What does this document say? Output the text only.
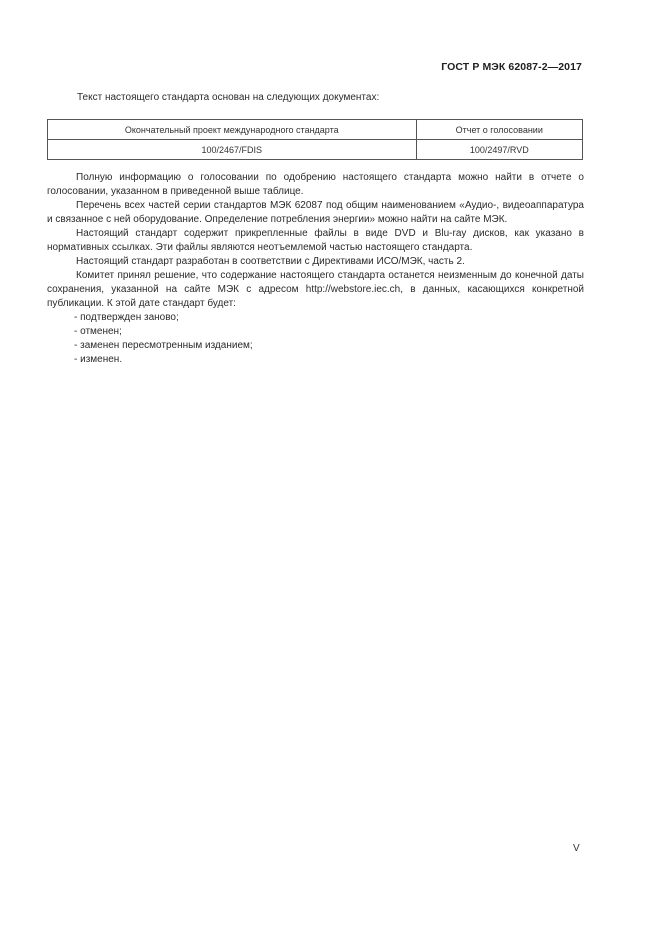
ГОСТ Р МЭК 62087-2—2017
Текст настоящего стандарта основан на следующих документах:
Окончательный проект международного стандарта	Отчет о голосовании
100/2467/FDIS	100/2497/RVD

Полную информацию о голосовании по одобрению настоящего стандарта можно найти в отчете о голосовании, указанном в приведенной выше таблице.

Перечень всех частей серии стандартов МЭК 62087 под общим наименованием «Аудио-, видеоаппаратура и связанное с ней оборудование. Определение потребления энергии» можно найти на сайте МЭК.

Настоящий стандарт содержит прикрепленные файлы в виде DVD и Blu-ray дисков, как указано в нормативных ссылках. Эти файлы являются неотъемлемой частью настоящего стандарта.

Настоящий стандарт разработан в соответствии с Директивами ИСО/МЭК, часть 2.

Комитет принял решение, что содержание настоящего стандарта останется неизменным до конечной даты сохранения, указанной на сайте МЭК с адресом http://webstore.iec.ch, в данных, касающихся конкретной публикации. К этой дате стандарт будет:

- подтвержден заново;

- отменен;

- заменен пересмотренным изданием;

- изменен.

V
